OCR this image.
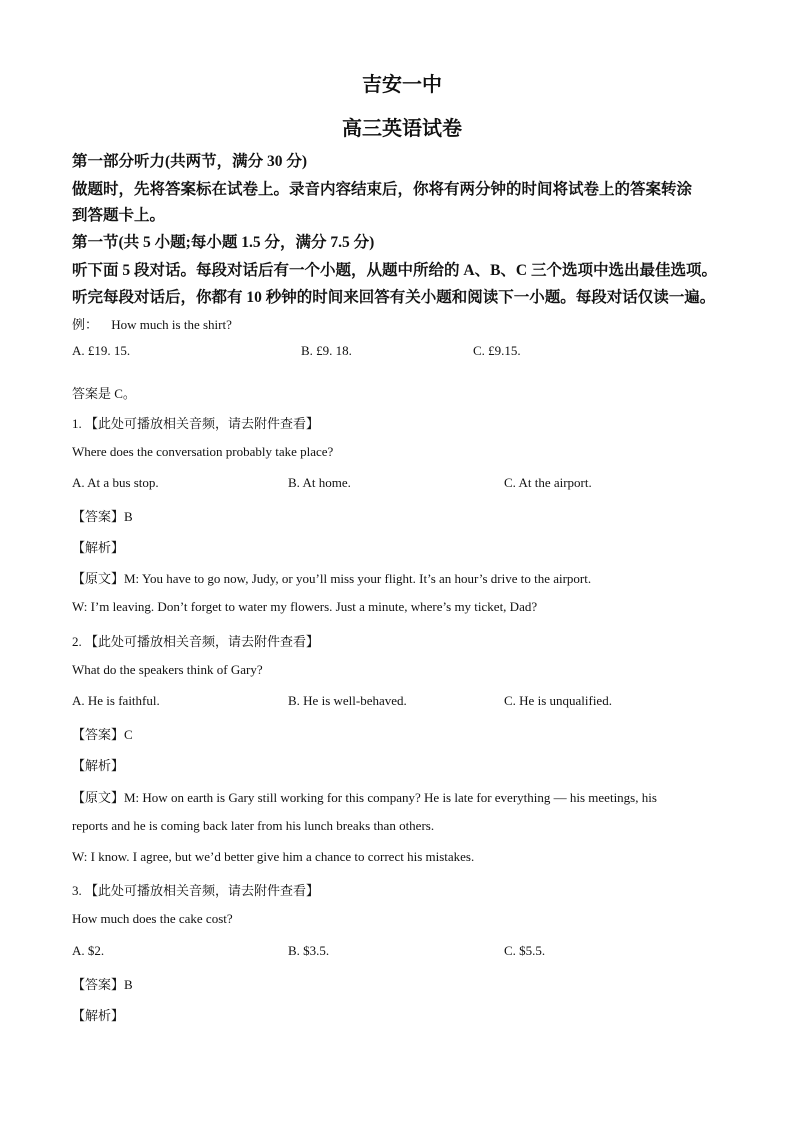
吉安一中
高三英语试卷
第一部分听力(共两节，满分 30 分)
做题时，先将答案标在试卷上。录音内容结束后，你将有两分钟的时间将试卷上的答案转涂
到答题卡上。
第一节(共 5 小题;每小题 1.5 分，满分 7.5 分)
听下面 5 段对话。每段对话后有一个小题，从题中所给的 A、B、C 三个选项中选出最佳选项。
听完每段对话后，你都有 10 秒钟的时间来回答有关小题和阅读下一小题。每段对话仅读一遍。
例： How much is the shirt?
A. £19. 15.	B. £9. 18.	C. £9.15.
答案是 C。
1. 【此处可播放相关音频，请去附件查看】
Where does the conversation probably take place?
A. At a bus stop.	B. At home.	C. At the airport.
【答案】B
【解析】
【原文】M: You have to go now, Judy, or you’ll miss your flight. It’s an hour’s drive to the airport.
W: I’m leaving. Don’t forget to water my flowers. Just a minute, where’s my ticket, Dad?
2. 【此处可播放相关音频，请去附件查看】
What do the speakers think of Gary?
A. He is faithful.	B. He is well-behaved.	C. He is unqualified.
【答案】C
【解析】
【原文】M: How on earth is Gary still working for this company? He is late for everything — his meetings, his
reports and he is coming back later from his lunch breaks than others.
W: I know. I agree, but we’d better give him a chance to correct his mistakes.
3. 【此处可播放相关音频，请去附件查看】
How much does the cake cost?
A. $2.	B. $3.5.	C. $5.5.
【答案】B
【解析】
